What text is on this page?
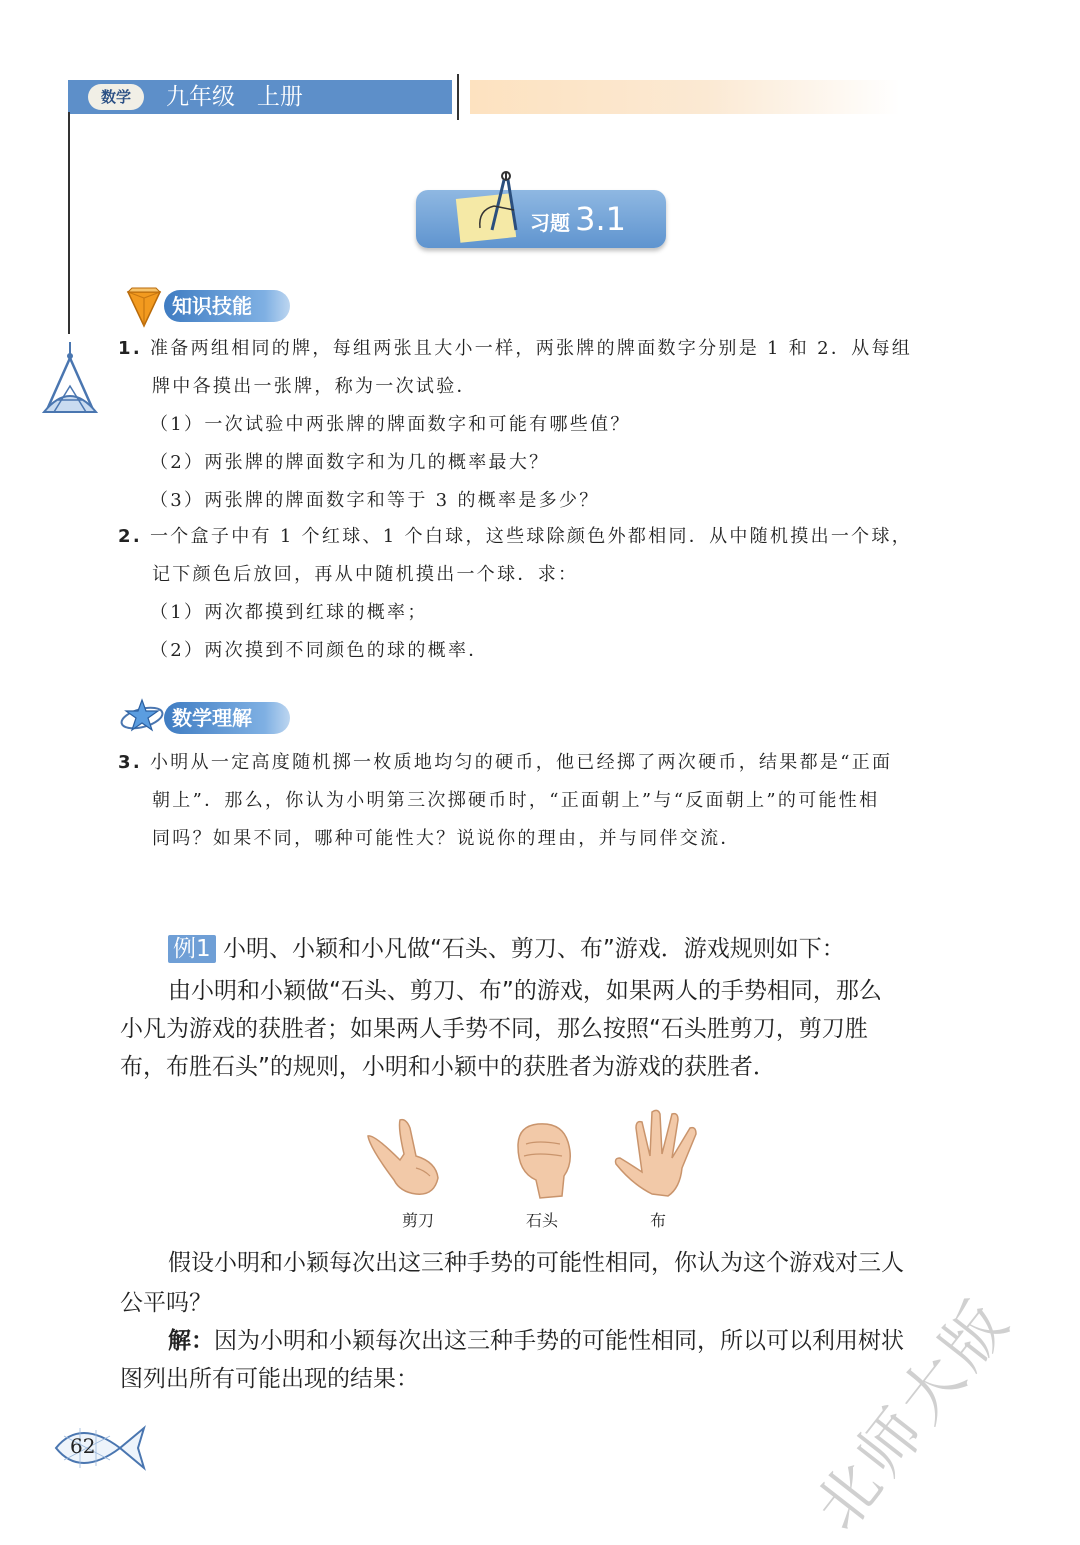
数学	九年级   上册
习题 3.1
知识技能
1. 准备两组相同的牌，每组两张且大小一样，两张牌的牌面数字分别是 1 和 2．从每组
牌中各摸出一张牌，称为一次试验．
（1）一次试验中两张牌的牌面数字和可能有哪些值？
（2）两张牌的牌面数字和为几的概率最大？
（3）两张牌的牌面数字和等于 3 的概率是多少？
2. 一个盒子中有 1 个红球、1 个白球，这些球除颜色外都相同．从中随机摸出一个球，
记下颜色后放回，再从中随机摸出一个球．求：
（1）两次都摸到红球的概率；
（2）两次摸到不同颜色的球的概率．
数学理解
3. 小明从一定高度随机掷一枚质地均匀的硬币，他已经掷了两次硬币，结果都是“正面
朝上”．那么，你认为小明第三次掷硬币时，“正面朝上”与“反面朝上”的可能性相
同吗？如果不同，哪种可能性大？说说你的理由，并与同伴交流．
例1 小明、小颖和小凡做“石头、剪刀、布”游戏．游戏规则如下：
由小明和小颖做“石头、剪刀、布”的游戏，如果两人的手势相同，那么
小凡为游戏的获胜者；如果两人手势不同，那么按照“石头胜剪刀，剪刀胜
布，布胜石头”的规则，小明和小颖中的获胜者为游戏的获胜者．
剪刀	石头	布
假设小明和小颖每次出这三种手势的可能性相同，你认为这个游戏对三人
公平吗？
解：因为小明和小颖每次出这三种手势的可能性相同，所以可以利用树状
图列出所有可能出现的结果：
62	北师大版
